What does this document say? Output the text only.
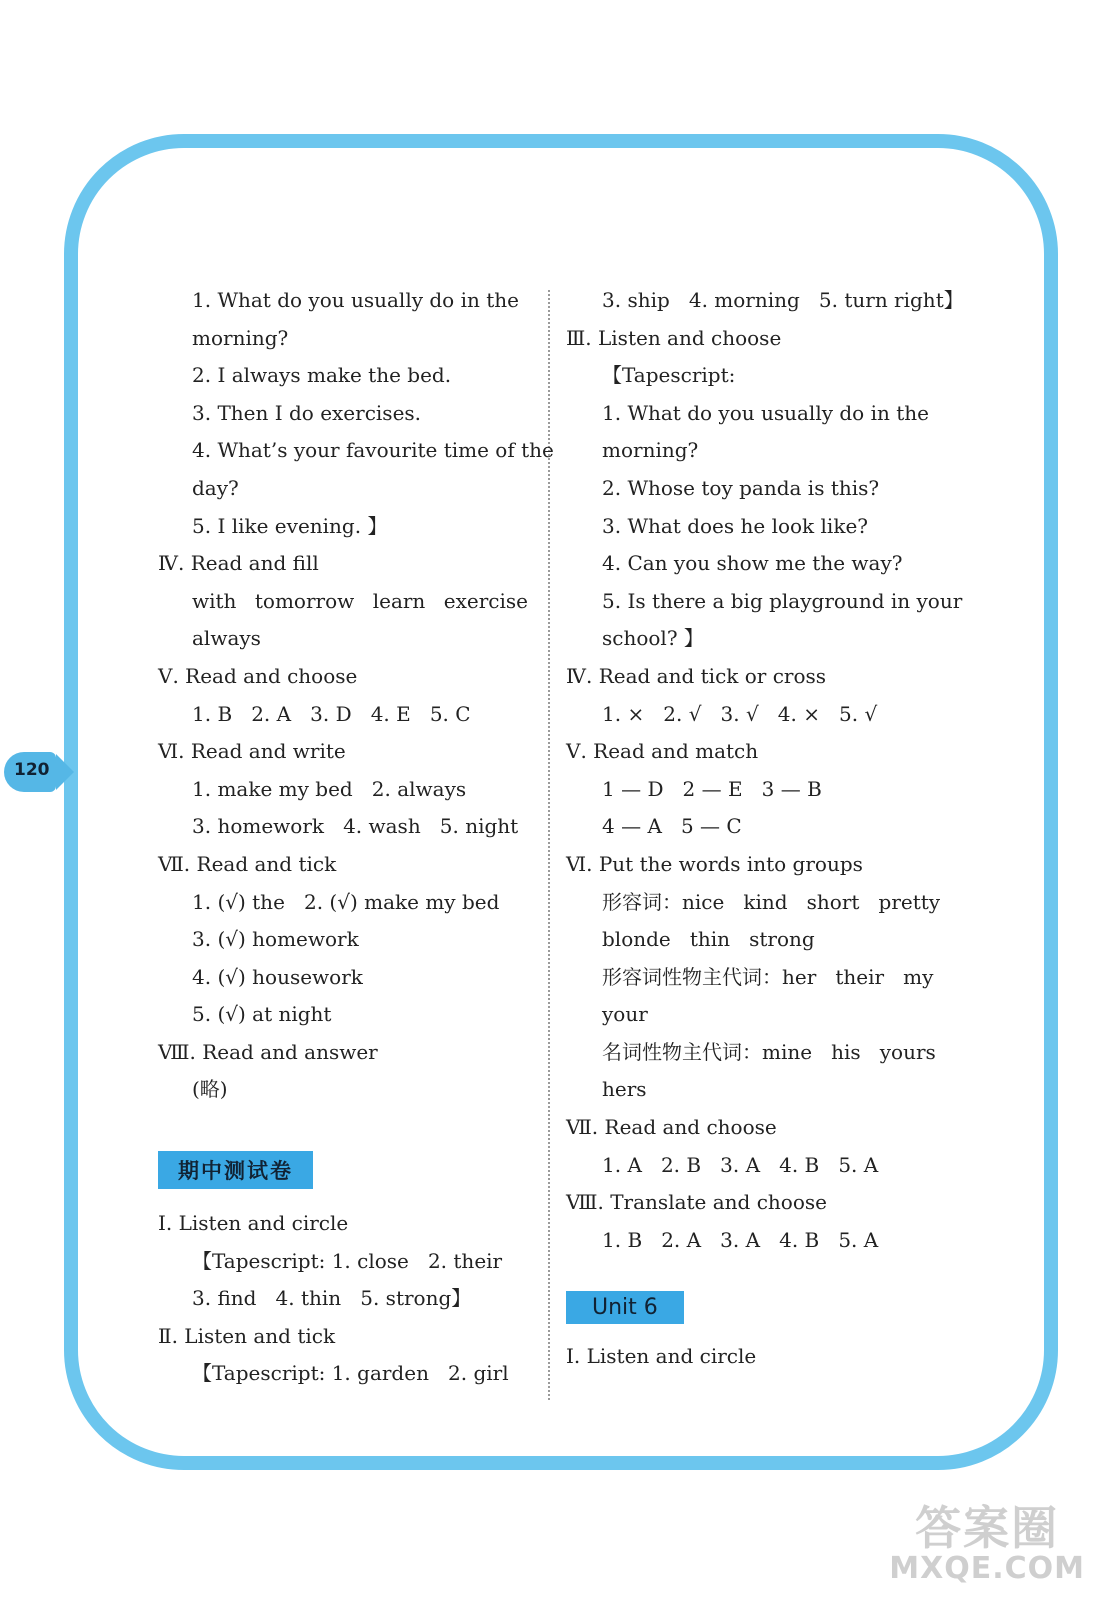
120
1. What do you usually do in the
morning?
2. I always make the bed.
3. Then I do exercises.
4. What’s your favourite time of the
day?
5. I like evening. 】
Ⅳ. Read and fill
with tomorrow learn exercise
always
Ⅴ. Read and choose
1. B   2. A   3. D   4. E   5. C
Ⅵ. Read and write
1. make my bed   2. always
3. homework   4. wash   5. night
Ⅶ. Read and tick
1. (√) the   2. (√) make my bed
3. (√) homework
4. (√) housework
5. (√) at night
Ⅷ. Read and answer
(略)
期中测试卷
Ⅰ. Listen and circle
【Tapescript: 1. close   2. their
3. find   4. thin   5. strong】
Ⅱ. Listen and tick
【Tapescript: 1. garden   2. girl
3. ship   4. morning   5. turn right】
Ⅲ. Listen and choose
【Tapescript:
1. What do you usually do in the
morning?
2. Whose toy panda is this?
3. What does he look like?
4. Can you show me the way?
5. Is there a big playground in your
school? 】
Ⅳ. Read and tick or cross
1. ×   2. √   3. √   4. ×   5. √
Ⅴ. Read and match
1 — D   2 — E   3 — B
4 — A   5 — C
Ⅵ. Put the words into groups
形容词：nice   kind   short   pretty
blonde   thin   strong
形容词性物主代词：her   their   my
your
名词性物主代词：mine   his   yours
hers
Ⅶ. Read and choose
1. A   2. B   3. A   4. B   5. A
Ⅷ. Translate and choose
1. B   2. A   3. A   4. B   5. A
Unit 6
Ⅰ. Listen and circle
答案圈
MXQE.COM
